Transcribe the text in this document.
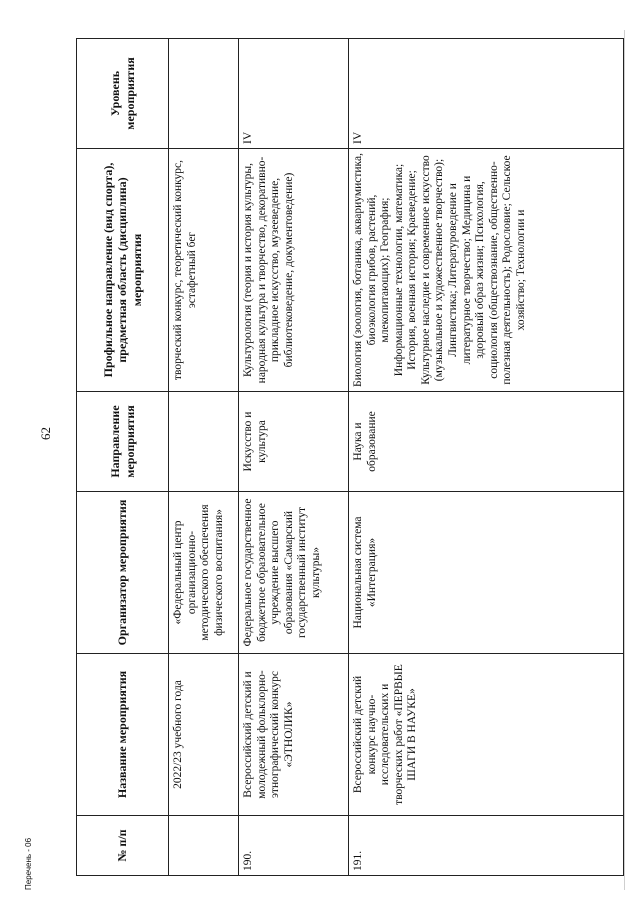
62
№ п/п	Название мероприятия	Организатор мероприятия	Направление мероприятия	Профильное направление (вид спорта), предметная область (дисциплина) мероприятия	Уровень мероприятия
	2022/23 учебного года	«Федеральный центр организационно-методического обеспечения физического воспитания»		творческий конкурс, теоретический конкурс, эстафетный бег	
190.	Всероссийский детский и молодежный фольклорно-этнографический конкурс «ЭТНОЛИК»	Федеральное государственное бюджетное образовательное учреждение высшего образования «Самарский государственный институт культуры»	Искусство и культура	Культурология (теория и история культуры, народная культура и творчество, декоративно-прикладное искусство, музееведение, библиотековедение, документоведение)	IV
191.	Всероссийский детский конкурс научно-исследовательских и творческих работ «ПЕРВЫЕ ШАГИ В НАУКЕ»	Национальная система «Интеграция»	Наука и образование	Биология (зоология, ботаника, аквариумистика, биоэкология грибов, растений, млекопитающих); География; Информационные технологии, математика; История, военная история; Краеведение; Культурное наследие и современное искусство (музыкальное и художественное творчество); Лингвистика; Литературоведение и литературное творчество; Медицина и здоровый образ жизни; Психология, социология (обществознание, общественно-полезная деятельность); Родословие; Сельское хозяйство; Технологии и	IV
Перечень - 06
